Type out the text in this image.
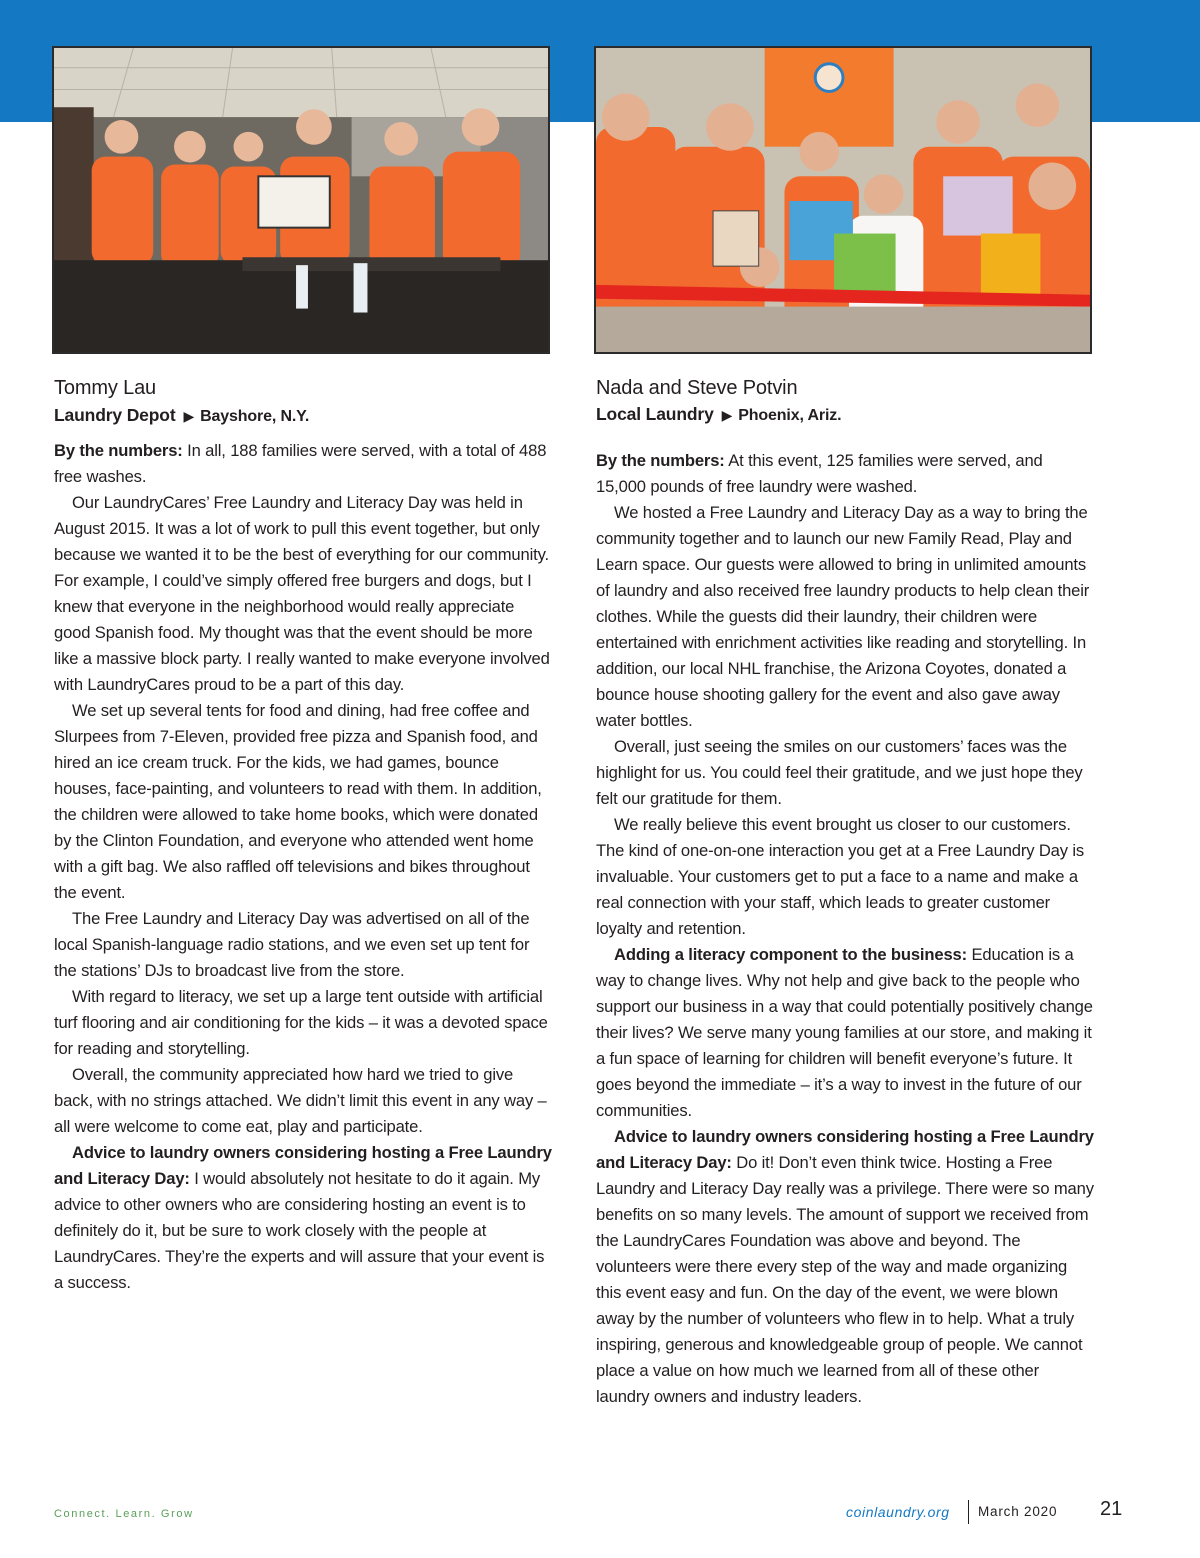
Tommy Lau
Laundry Depot ▶ Bayshore, N.Y.

By the numbers: In all, 188 families were served, with a total of 488 free washes.

Our LaundryCares’ Free Laundry and Literacy Day was held in August 2015. It was a lot of work to pull this event together, but only because we wanted it to be the best of everything for our community. For example, I could’ve simply offered free burgers and dogs, but I knew that everyone in the neighborhood would really appreciate good Spanish food. My thought was that the event should be more like a massive block party. I really wanted to make everyone involved with LaundryCares proud to be a part of this day.

We set up several tents for food and dining, had free coffee and Slurpees from 7-Eleven, provided free pizza and Spanish food, and hired an ice cream truck. For the kids, we had games, bounce houses, face-painting, and volunteers to read with them. In addition, the children were allowed to take home books, which were donated by the Clinton Foundation, and everyone who attended went home with a gift bag. We also raffled off televisions and bikes throughout the event.

The Free Laundry and Literacy Day was advertised on all of the local Spanish-language radio stations, and we even set up tent for the stations’ DJs to broadcast live from the store.

With regard to literacy, we set up a large tent outside with artificial turf flooring and air conditioning for the kids – it was a devoted space for reading and storytelling.

Overall, the community appreciated how hard we tried to give back, with no strings attached. We didn’t limit this event in any way – all were welcome to come eat, play and participate.

Advice to laundry owners considering hosting a Free Laundry and Literacy Day: I would absolutely not hesitate to do it again. My advice to other owners who are considering hosting an event is to definitely do it, but be sure to work closely with the people at LaundryCares. They’re the experts and will assure that your event is a success.

Nada and Steve Potvin
Local Laundry ▶ Phoenix, Ariz.

By the numbers: At this event, 125 families were served, and 15,000 pounds of free laundry were washed.

We hosted a Free Laundry and Literacy Day as a way to bring the community together and to launch our new Family Read, Play and Learn space. Our guests were allowed to bring in unlimited amounts of laundry and also received free laundry products to help clean their clothes. While the guests did their laundry, their children were entertained with enrichment activities like reading and storytelling. In addition, our local NHL franchise, the Arizona Coyotes, donated a bounce house shooting gallery for the event and also gave away water bottles.

Overall, just seeing the smiles on our customers’ faces was the highlight for us. You could feel their gratitude, and we just hope they felt our gratitude for them.

We really believe this event brought us closer to our customers. The kind of one-on-one interaction you get at a Free Laundry Day is invaluable. Your customers get to put a face to a name and make a real connection with your staff, which leads to greater customer loyalty and retention.

Adding a literacy component to the business: Education is a way to change lives. Why not help and give back to the people who support our business in a way that could potentially positively change their lives? We serve many young families at our store, and making it a fun space of learning for children will benefit everyone’s future. It goes beyond the immediate – it’s a way to invest in the future of our communities.

Advice to laundry owners considering hosting a Free Laundry and Literacy Day: Do it! Don’t even think twice. Hosting a Free Laundry and Literacy Day really was a privilege. There were so many benefits on so many levels. The amount of support we received from the LaundryCares Foundation was above and beyond. The volunteers were there every step of the way and made organizing this event easy and fun. On the day of the event, we were blown away by the number of volunteers who flew in to help. What a truly inspiring, generous and knowledgeable group of people. We cannot place a value on how much we learned from all of these other laundry owners and industry leaders.

Connect. Learn. Grow	coinlaundry.org March 2020 21
